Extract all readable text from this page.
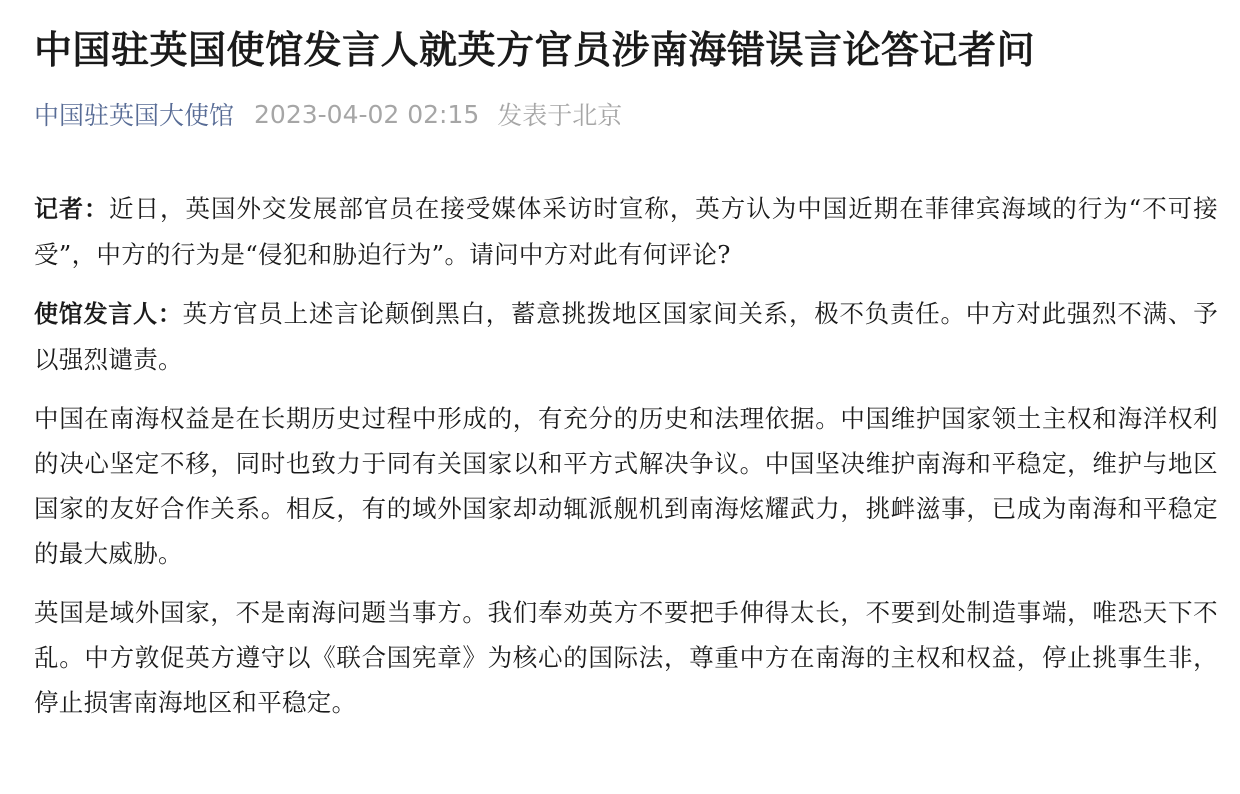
中国驻英国使馆发言人就英方官员涉南海错误言论答记者问
中国驻英国大使馆 2023-04-02 02:15 发表于北京

记者：近日，英国外交发展部官员在接受媒体采访时宣称，英方认为中国近期在菲律宾海域的行为“不可接受”，中方的行为是“侵犯和胁迫行为”。请问中方对此有何评论?

使馆发言人：英方官员上述言论颠倒黑白，蓄意挑拨地区国家间关系，极不负责任。中方对此强烈不满、予以强烈谴责。

中国在南海权益是在长期历史过程中形成的，有充分的历史和法理依据。中国维护国家领土主权和海洋权利的决心坚定不移，同时也致力于同有关国家以和平方式解决争议。中国坚决维护南海和平稳定，维护与地区国家的友好合作关系。相反，有的域外国家却动辄派舰机到南海炫耀武力，挑衅滋事，已成为南海和平稳定的最大威胁。

英国是域外国家，不是南海问题当事方。我们奉劝英方不要把手伸得太长，不要到处制造事端，唯恐天下不乱。中方敦促英方遵守以《联合国宪章》为核心的国际法，尊重中方在南海的主权和权益，停止挑事生非，停止损害南海地区和平稳定。
